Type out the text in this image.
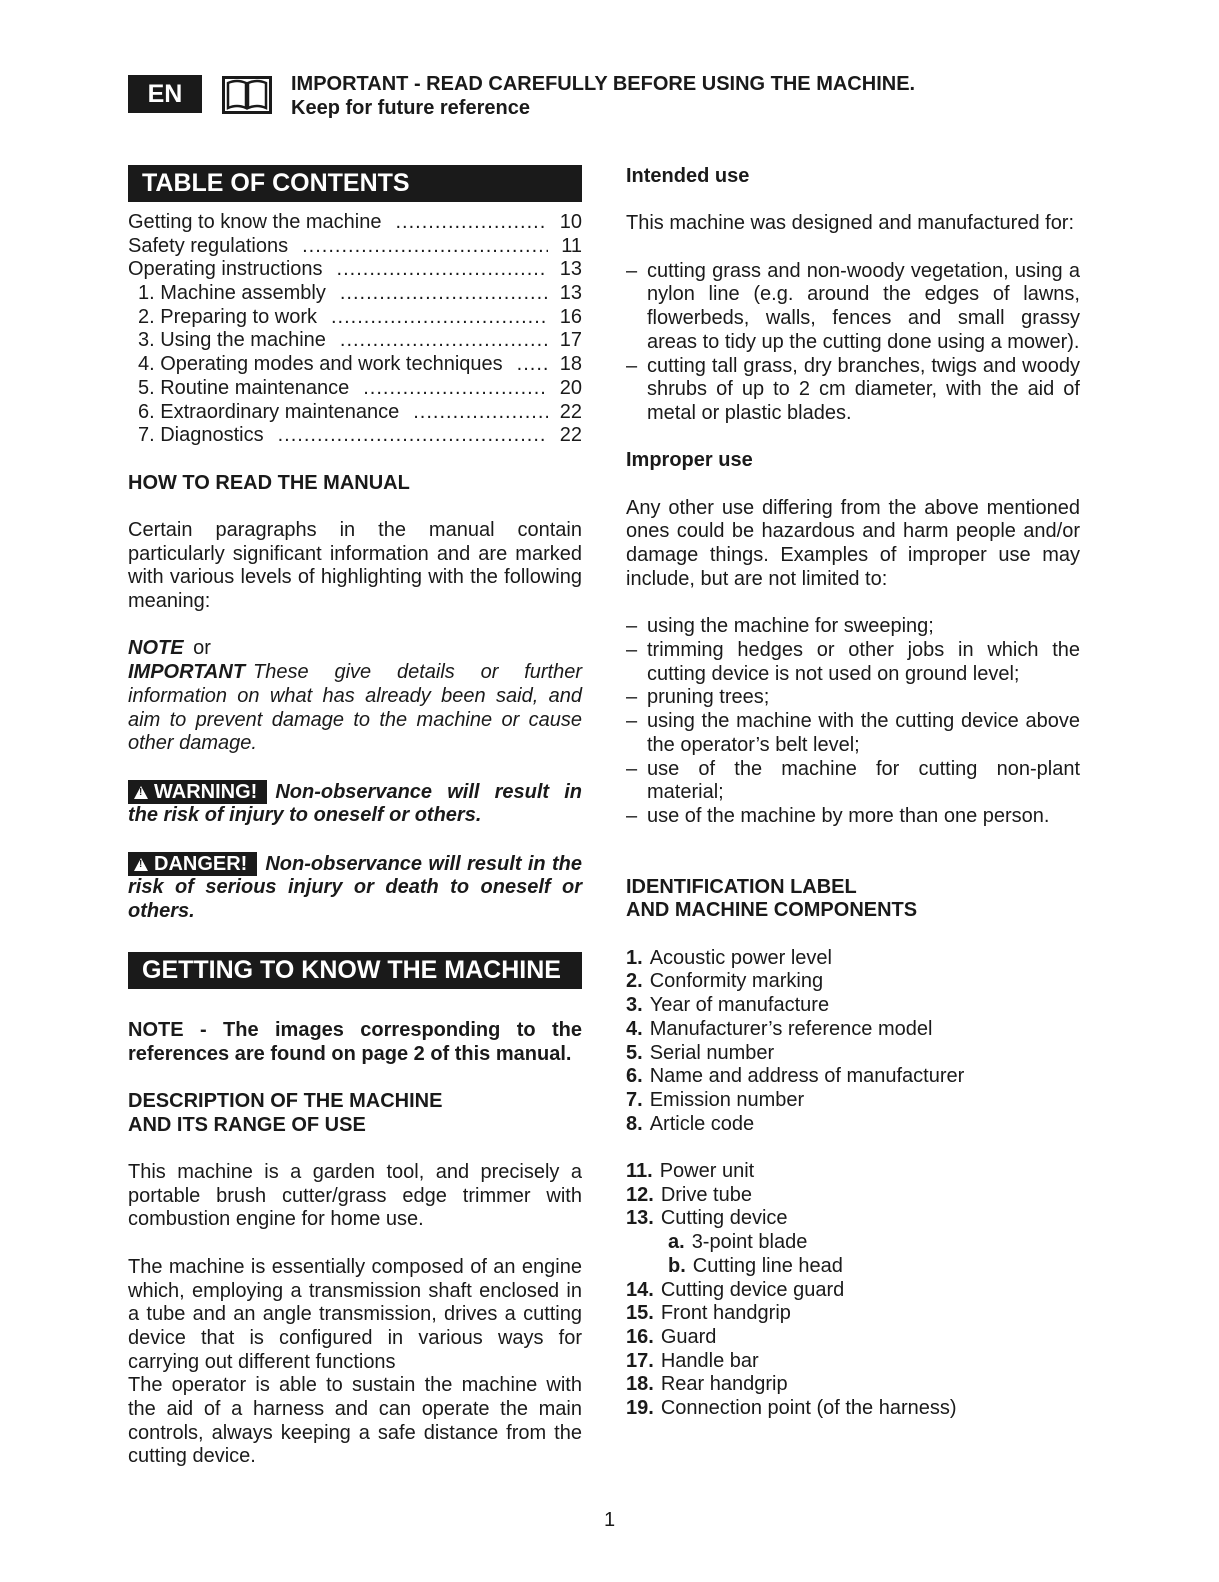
EN	IMPORTANT - READ CAREFULLY BEFORE USING THE MACHINE.
Keep for future reference
TABLE OF CONTENTS
Getting to know the machine .....	10
Safety regulations .....	11
Operating instructions .....	13
1. Machine assembly .....	13
2. Preparing to work .....	16
3. Using the machine .....	17
4. Operating modes and work techniques .....	18
5. Routine maintenance .....	20
6. Extraordinary maintenance .....	22
7. Diagnostics .....	22

HOW TO READ THE MANUAL

Certain paragraphs in the manual contain particularly significant information and are marked with various levels of highlighting with the following meaning:

NOTE or

IMPORTANT These give details or further information on what has already been said, and aim to prevent damage to the machine or cause other damage.

!WARNING! Non-observance will result in the risk of injury to oneself or others.

!DANGER! Non-observance will result in the risk of serious injury or death to oneself or others.

GETTING TO KNOW THE MACHINE

NOTE - The images corresponding to the references are found on page 2 of this manual.

DESCRIPTION OF THE MACHINE

AND ITS RANGE OF USE

This machine is a garden tool, and precisely a portable brush cutter/grass edge trimmer with combustion engine for home use.

The machine is essentially composed of an engine which, employing a transmission shaft enclosed in a tube and an angle transmission, drives a cutting device that is configured in various ways for carrying out different functions

The operator is able to sustain the machine with the aid of a harness and can operate the main controls, always keeping a safe distance from the cutting device.

Intended use

This machine was designed and manufactured for:

– cutting grass and non-woody vegetation, using a nylon line (e.g. around the edges of lawns, flowerbeds, walls, fences and small grassy areas to tidy up the cutting done using a mower).
– cutting tall grass, dry branches, twigs and woody shrubs of up to 2 cm diameter, with the aid of metal or plastic blades.

Improper use

Any other use differing from the above mentioned ones could be hazardous and harm people and/or damage things. Examples of improper use may include, but are not limited to:

– using the machine for sweeping;
– trimming hedges or other jobs in which the cutting device is not used on ground level;
– pruning trees;
– using the machine with the cutting device above the operator’s belt level;
– use of the machine for cutting non-plant material;
– use of the machine by more than one person.

IDENTIFICATION LABEL

AND MACHINE COMPONENTS

1. Acoustic power level
2. Conformity marking
3. Year of manufacture
4. Manufacturer’s reference model
5. Serial number
6. Name and address of manufacturer
7. Emission number
8. Article code
11. Power unit
12. Drive tube
13. Cutting device
a. 3-point blade
b. Cutting line head
14. Cutting device guard
15. Front handgrip
16. Guard
17. Handle bar
18. Rear handgrip
19. Connection point (of the harness)
1
